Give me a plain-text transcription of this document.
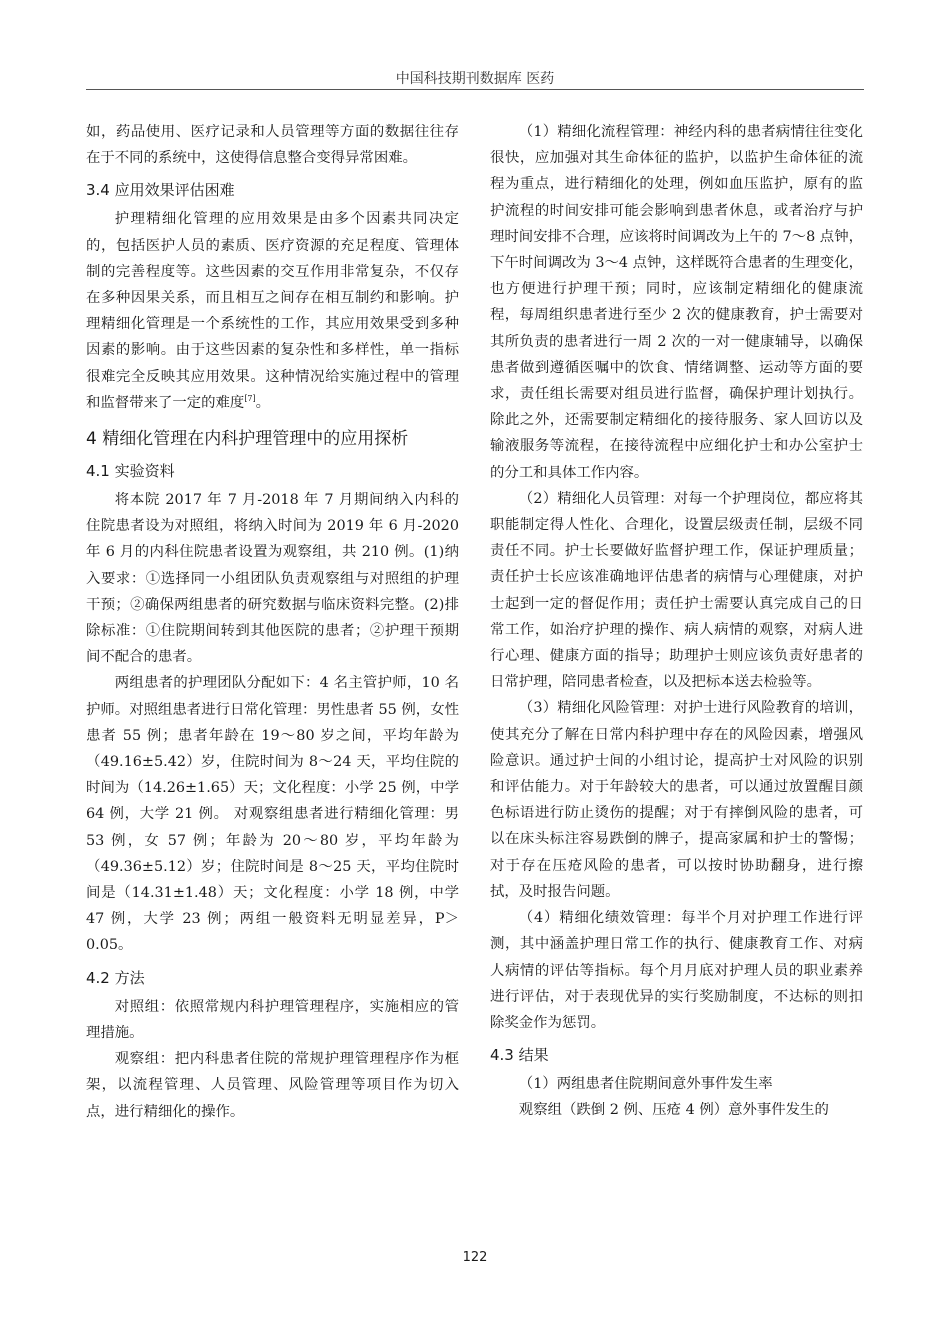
中国科技期刊数据库 医药

如，药品使用、医疗记录和人员管理等方面的数据往往存在于不同的系统中，这使得信息整合变得异常困难。

3.4 应用效果评估困难

护理精细化管理的应用效果是由多个因素共同决定的，包括医护人员的素质、医疗资源的充足程度、管理体制的完善程度等。这些因素的交互作用非常复杂，不仅存在多种因果关系，而且相互之间存在相互制约和影响。护理精细化管理是一个系统性的工作，其应用效果受到多种因素的影响。由于这些因素的复杂性和多样性，单一指标很难完全反映其应用效果。这种情况给实施过程中的管理和监督带来了一定的难度[7]。

4 精细化管理在内科护理管理中的应用探析
4.1 实验资料

将本院 2017 年 7 月-2018 年 7 月期间纳入内科的住院患者设为对照组，将纳入时间为 2019 年 6 月-2020 年 6 月的内科住院患者设置为观察组，共 210 例。(1)纳入要求：①选择同一小组团队负责观察组与对照组的护理干预；②确保两组患者的研究数据与临床资料完整。(2)排除标准：①住院期间转到其他医院的患者；②护理干预期间不配合的患者。

两组患者的护理团队分配如下：4 名主管护师，10 名护师。对照组患者进行日常化管理：男性患者 55 例，女性患者 55 例；患者年龄在 19～80 岁之间，平均年龄为（49.16±5.42）岁，住院时间为 8～24 天，平均住院的时间为（14.26±1.65）天；文化程度：小学 25 例，中学 64 例，大学 21 例。 对观察组患者进行精细化管理：男 53 例，女 57 例；年龄为 20～80 岁，平均年龄为（49.36±5.12）岁；住院时间是 8～25 天，平均住院时间是（14.31±1.48）天；文化程度：小学 18 例，中学 47 例，大学 23 例；两组一般资料无明显差异，P＞0.05。

4.2 方法

对照组：依照常规内科护理管理程序，实施相应的管理措施。

观察组：把内科患者住院的常规护理管理程序作为框架，以流程管理、人员管理、风险管理等项目作为切入点，进行精细化的操作。

（1）精细化流程管理：神经内科的患者病情往往变化很快，应加强对其生命体征的监护，以监护生命体征的流程为重点，进行精细化的处理，例如血压监护，原有的监护流程的时间安排可能会影响到患者休息，或者治疗与护理时间安排不合理，应该将时间调改为上午的 7～8 点钟，下午时间调改为 3～4 点钟，这样既符合患者的生理变化，也方便进行护理干预；同时，应该制定精细化的健康流程，每周组织患者进行至少 2 次的健康教育，护士需要对其所负责的患者进行一周 2 次的一对一健康辅导，以确保患者做到遵循医嘱中的饮食、情绪调整、运动等方面的要求，责任组长需要对组员进行监督，确保护理计划执行。除此之外，还需要制定精细化的接待服务、家人回访以及输液服务等流程，在接待流程中应细化护士和办公室护士的分工和具体工作内容。

（2）精细化人员管理：对每一个护理岗位，都应将其职能制定得人性化、合理化，设置层级责任制，层级不同责任不同。护士长要做好监督护理工作，保证护理质量；责任护士长应该准确地评估患者的病情与心理健康，对护士起到一定的督促作用；责任护士需要认真完成自己的日常工作，如治疗护理的操作、病人病情的观察，对病人进行心理、健康方面的指导；助理护士则应该负责好患者的日常护理，陪同患者检查，以及把标本送去检验等。

（3）精细化风险管理：对护士进行风险教育的培训，使其充分了解在日常内科护理中存在的风险因素，增强风险意识。通过护士间的小组讨论，提高护士对风险的识别和评估能力。对于年龄较大的患者，可以通过放置醒目颜色标语进行防止烫伤的提醒；对于有摔倒风险的患者，可以在床头标注容易跌倒的牌子，提高家属和护士的警惕；对于存在压疮风险的患者，可以按时协助翻身，进行擦拭，及时报告问题。

（4）精细化绩效管理：每半个月对护理工作进行评测，其中涵盖护理日常工作的执行、健康教育工作、对病人病情的评估等指标。每个月月底对护理人员的职业素养进行评估，对于表现优异的实行奖励制度，不达标的则扣除奖金作为惩罚。

4.3 结果

（1）两组患者住院期间意外事件发生率

观察组（跌倒 2 例、压疮 4 例）意外事件发生的

122
